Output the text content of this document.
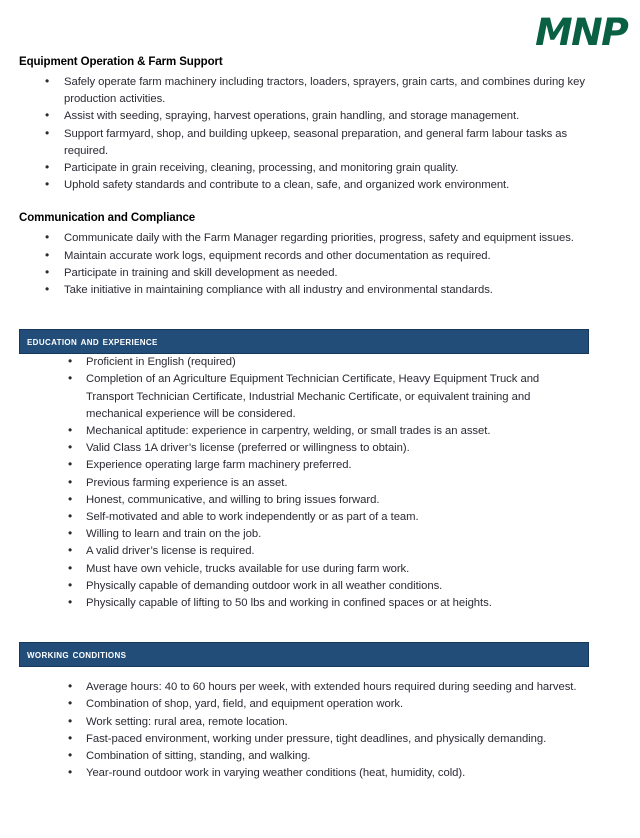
MNP
Equipment Operation & Farm Support
• Safely operate farm machinery including tractors, loaders, sprayers, grain carts, and combines during key production activities.
• Assist with seeding, spraying, harvest operations, grain handling, and storage management.
• Support farmyard, shop, and building upkeep, seasonal preparation, and general farm labour tasks as required.
• Participate in grain receiving, cleaning, processing, and monitoring grain quality.
• Uphold safety standards and contribute to a clean, safe, and organized work environment.
Communication and Compliance
• Communicate daily with the Farm Manager regarding priorities, progress, safety and equipment issues.
• Maintain accurate work logs, equipment records and other documentation as required.
• Participate in training and skill development as needed.
• Take initiative in maintaining compliance with all industry and environmental standards.
education and experience
• Proficient in English (required)
• Completion of an Agriculture Equipment Technician Certificate, Heavy Equipment Truck and Transport Technician Certificate, Industrial Mechanic Certificate, or equivalent training and mechanical experience will be considered.
• Mechanical aptitude: experience in carpentry, welding, or small trades is an asset.
• Valid Class 1A driver’s license (preferred or willingness to obtain).
• Experience operating large farm machinery preferred.
• Previous farming experience is an asset.
• Honest, communicative, and willing to bring issues forward.
• Self-motivated and able to work independently or as part of a team.
• Willing to learn and train on the job.
• A valid driver’s license is required.
• Must have own vehicle, trucks available for use during farm work.
• Physically capable of demanding outdoor work in all weather conditions.
• Physically capable of lifting to 50 lbs and working in confined spaces or at heights.
working conditions
• Average hours: 40 to 60 hours per week, with extended hours required during seeding and harvest.
• Combination of shop, yard, field, and equipment operation work.
• Work setting: rural area, remote location.
• Fast-paced environment, working under pressure, tight deadlines, and physically demanding.
• Combination of sitting, standing, and walking.
• Year-round outdoor work in varying weather conditions (heat, humidity, cold).
